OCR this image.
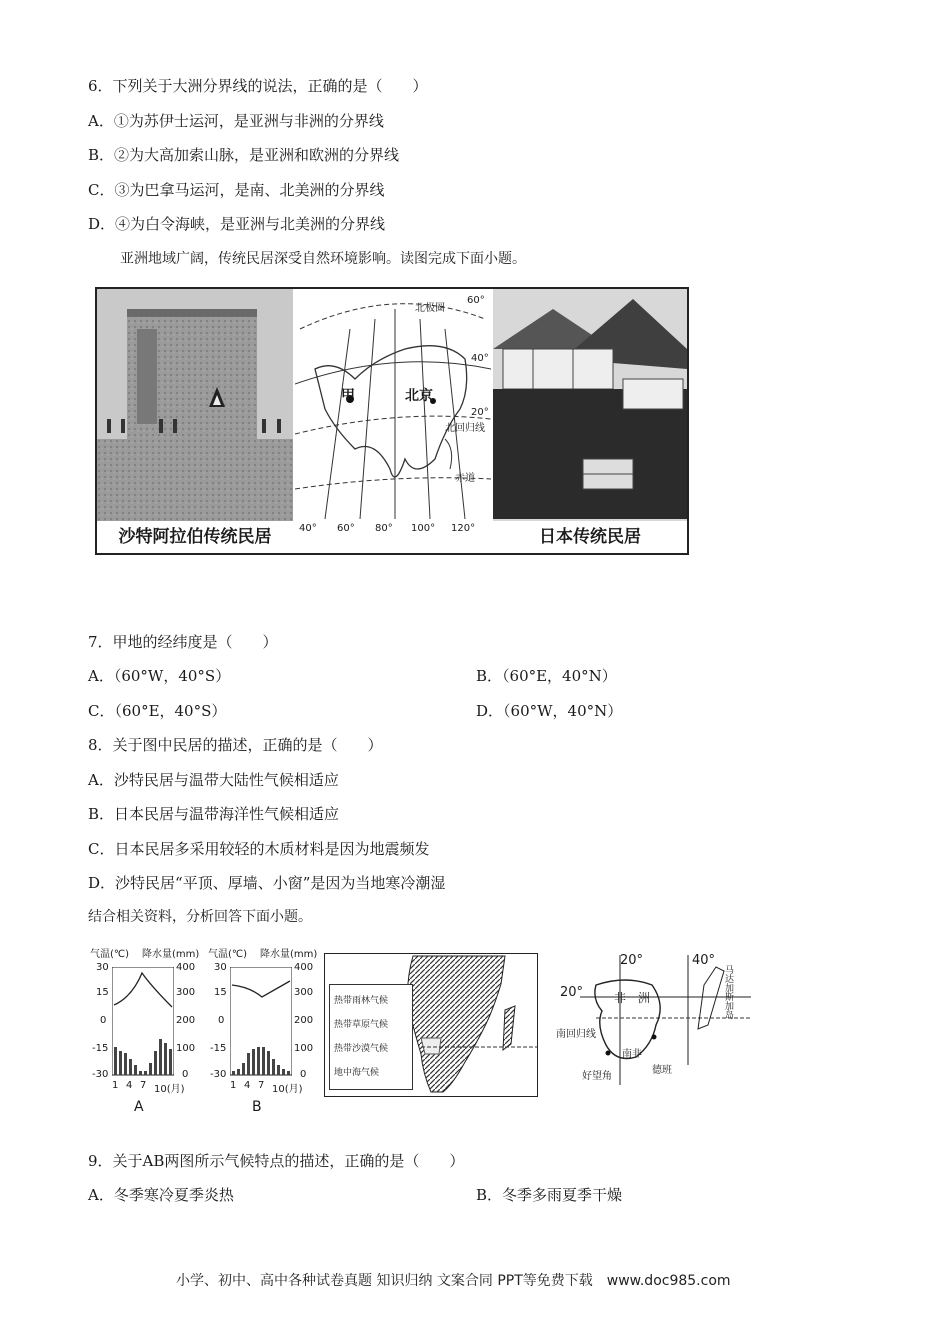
6．下列关于大洲分界线的说法，正确的是（　　）
A．①为苏伊士运河，是亚洲与非洲的分界线
B．②为大高加索山脉，是亚洲和欧洲的分界线
C．③为巴拿马运河，是南、北美洲的分界线
D．④为白令海峡，是亚洲与北美洲的分界线
亚洲地域广阔，传统民居深受自然环境影响。读图完成下面小题。
沙特阿拉伯传统民居
甲	北京
北极圈
北回归线
赤道
60°
40°
20°
40° 60° 80° 100° 120°	日本传统民居
7．甲地的经纬度是（　　）
A．（60°W，40°S）	B．（60°E，40°N）
C．（60°E，40°S）	D．（60°W，40°N）
8．关于图中民居的描述，正确的是（　　）
A．沙特民居与温带大陆性气候相适应
B．日本民居与温带海洋性气候相适应
C．日本民居多采用较轻的木质材料是因为地震频发
D．沙特民居“平顶、厚墙、小窗”是因为当地寒冷潮湿
结合相关资料，分析回答下面小题。
气温(℃) 降水量(mm)
30
15
0
-15
-30
400
300
200
100
0
1 4 7 10(月)
A
气温(℃) 降水量(mm)
30
15
0
-15
-30
400
300
200
100
0
1 4 7 10(月)
B
热带雨林气候
热带草原气候
热带沙漠气候
地中海气候
20°	40°
20°	非　洲
南回归线
南非
德班
好望角
马达加斯加岛
9．关于AB两图所示气候特点的描述，正确的是（　　）
A．冬季寒冷夏季炎热	B．冬季多雨夏季干燥
小学、初中、高中各种试卷真题 知识归纳 文案合同 PPT等免费下载　www.doc985.com
